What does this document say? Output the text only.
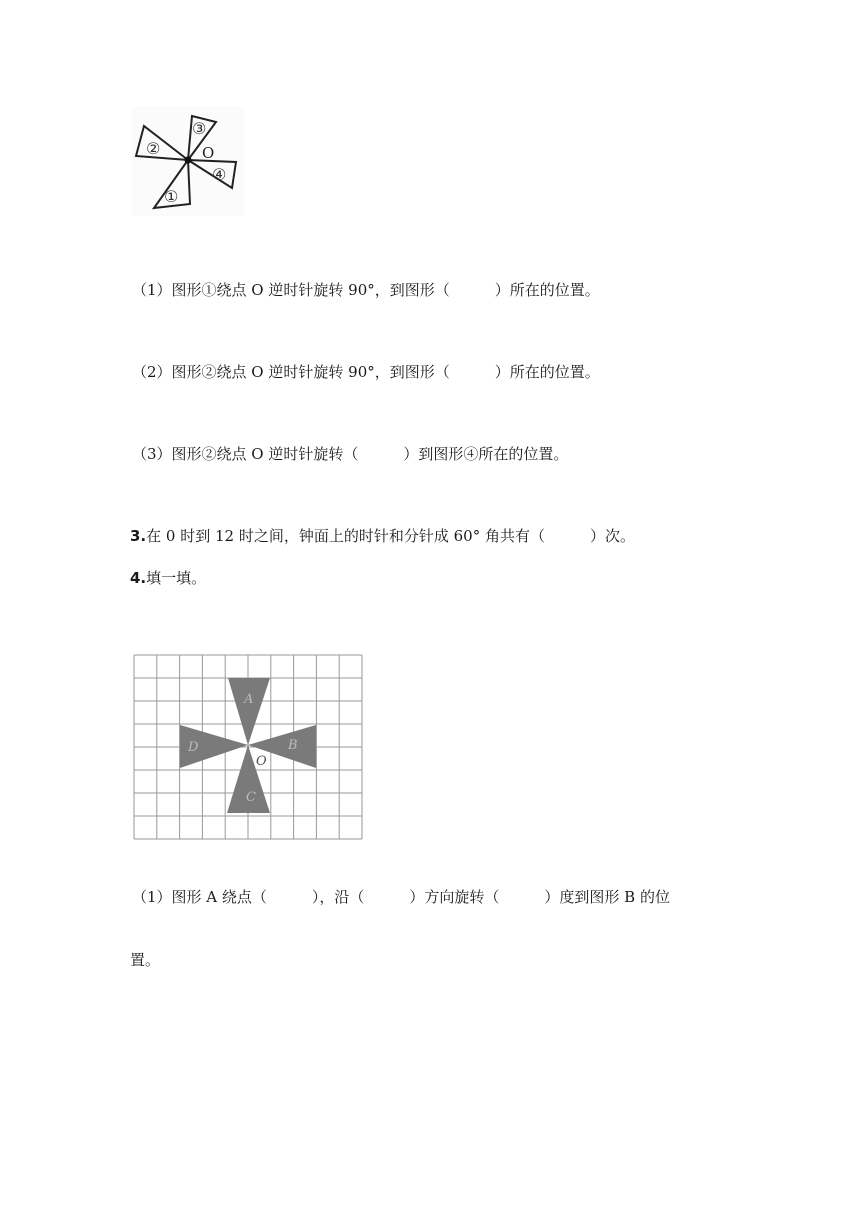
O
①
②
③
④
（1）图形①绕点 O 逆时针旋转 90°，到图形（　　　）所在的位置。
（2）图形②绕点 O 逆时针旋转 90°，到图形（　　　）所在的位置。
（3）图形②绕点 O 逆时针旋转（　　　）到图形④所在的位置。
3.在 0 时到 12 时之间，钟面上的时针和分针成 60° 角共有（　　　）次。
4.填一填。
A
B
C
D
O
（1）图形 A 绕点（　　　），沿（　　　）方向旋转（　　　）度到图形 B 的位
置。
